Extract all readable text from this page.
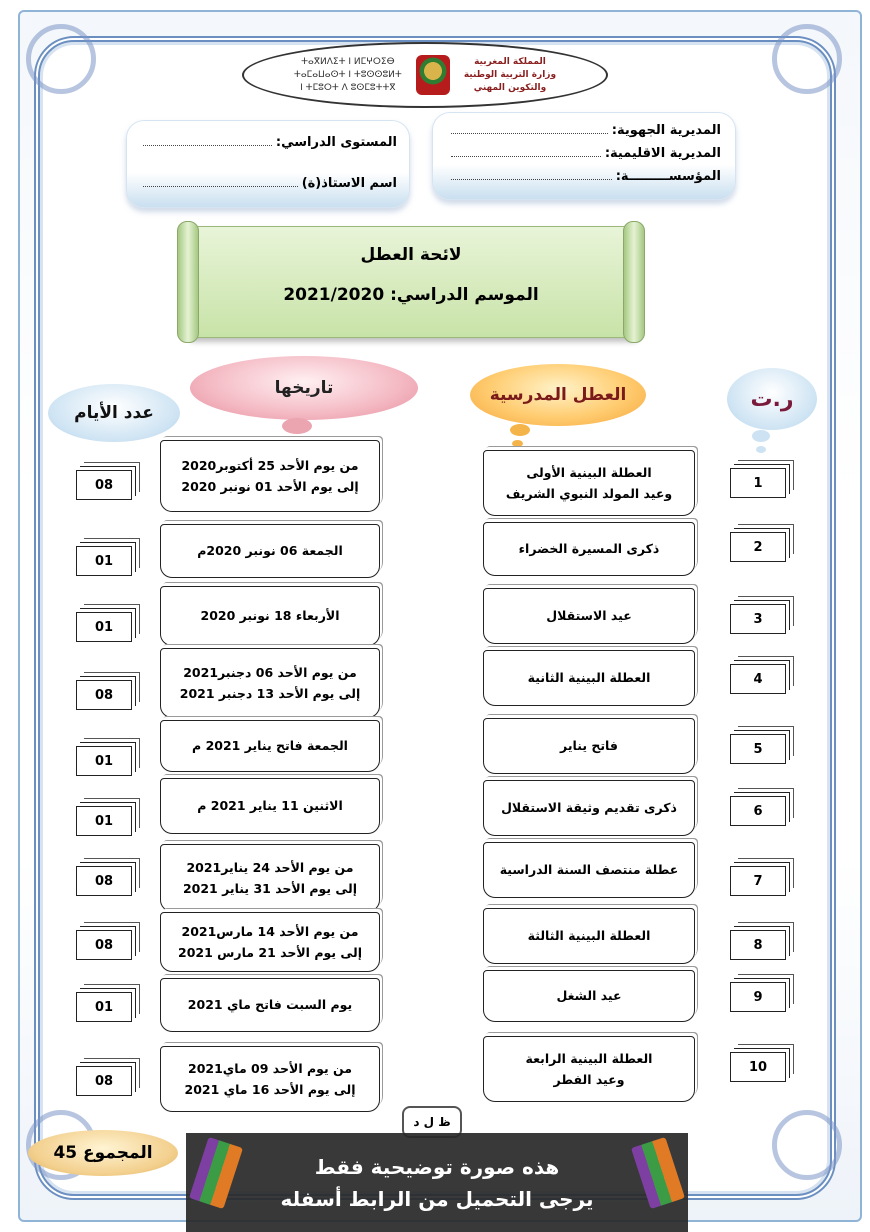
المملكة المغربية
وزارة التربية الوطنية
والتكوين المهني
ⵜⴰⴳⵍⴷⵉⵜ ⵏ ⵍⵎⵖⵔⵉⴱ
ⵜⴰⵎⴰⵡⴰⵙⵜ ⵏ ⵜⵓⵙⵙⵓⵍⵜ
ⵏ ⵜⵎⵓⵔⵜ ⴷ ⵓⵙⵎⵓⵜⵜⴳ
المديرية الجهوية:
المديرية الاقليمية:
المؤسســـــــــة:
المستوى الدراسي:
اسم الاستاذ(ة)
لائحة العطل
الموسم الدراسي: 2021/2020
ر.ت
العطل المدرسية
تاريخها
عدد الأيام
1
العطلة البينية الأولى
وعيد المولد النبوي الشريف
من يوم الأحد 25 أكتوبر2020
إلى يوم الأحد 01 نونبر 2020
08
2
ذكرى المسيرة الخضراء
الجمعة 06 نونبر 2020م
01
3
عيد الاستقلال
الأربعاء 18 نونبر 2020
01
4
العطلة البينية الثانية
من يوم الأحد 06 دجنبر2021
إلى يوم الأحد 13 دجنبر 2021
08
5
فاتح يناير
الجمعة فاتح يناير 2021 م
01
6
ذكرى تقديم وثيقة الاستقلال
الاثنين 11 يناير 2021 م
01
7
عطلة منتصف السنة الدراسية
من يوم الأحد 24 يناير2021
إلى يوم الأحد 31 يناير 2021
08
8
العطلة البينية الثالثة
من يوم الأحد 14 مارس2021
إلى يوم الأحد 21 مارس 2021
08
9
عيد الشغل
يوم السبت فاتح ماي 2021
01
10
العطلة البينية الرابعة
وعيد الفطر
من يوم الأحد 09 ماي2021
إلى يوم الأحد 16 ماي 2021
08
المجموع

45
ظ ل د
هذه صورة توضيحية فقط
يرجى التحميل من الرابط أسفله
